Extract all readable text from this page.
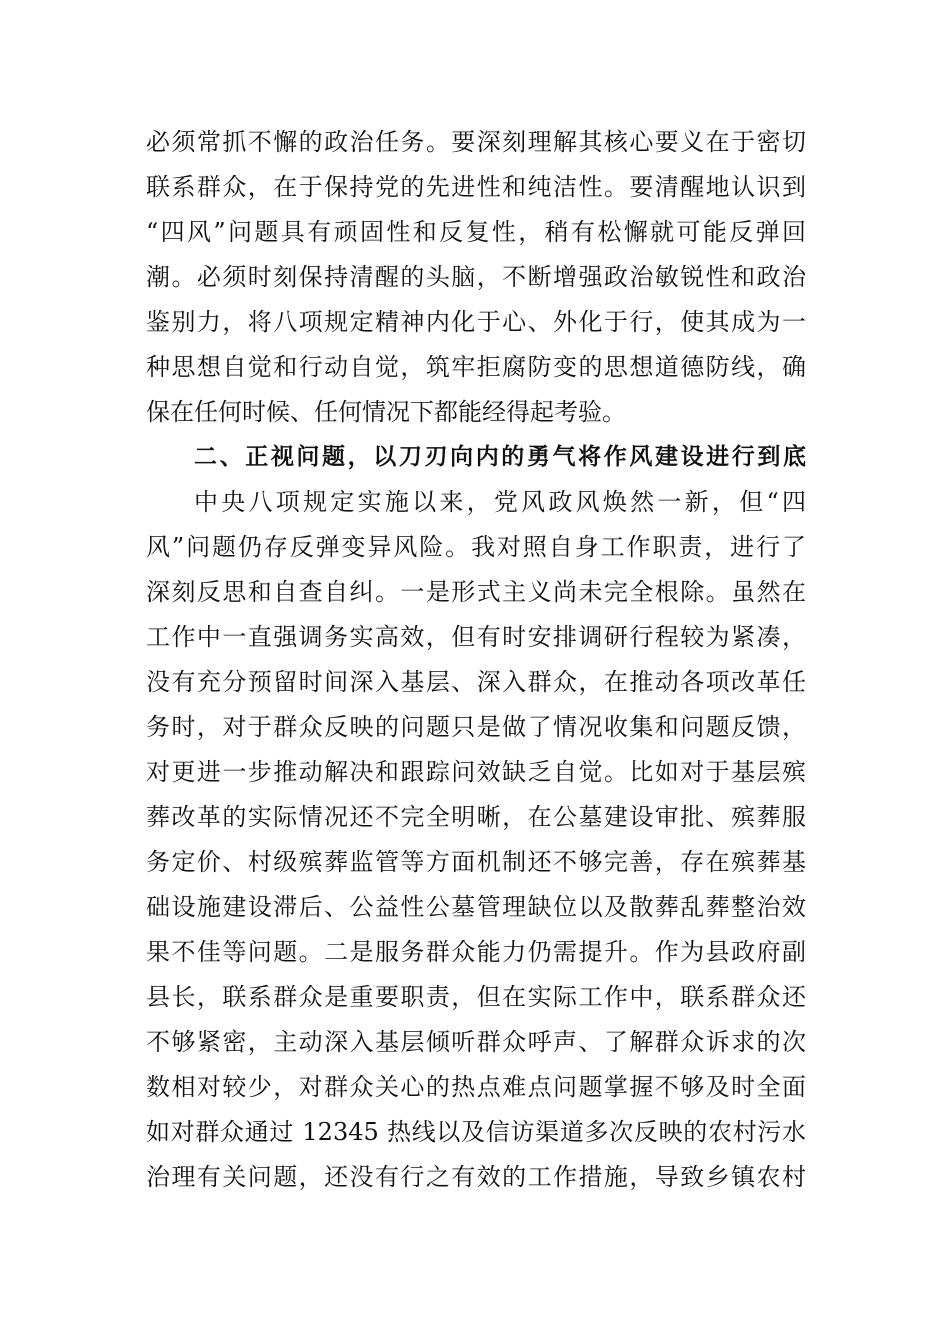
必须常抓不懈的政治任务。要深刻理解其核心要义在于密切
联系群众，在于保持党的先进性和纯洁性。要清醒地认识到
“四风”问题具有顽固性和反复性，稍有松懈就可能反弹回
潮。必须时刻保持清醒的头脑，不断增强政治敏锐性和政治
鉴别力，将八项规定精神内化于心、外化于行，使其成为一
种思想自觉和行动自觉，筑牢拒腐防变的思想道德防线，确
保在任何时候、任何情况下都能经得起考验。
二、正视问题，以刀刃向内的勇气将作风建设进行到底
中央八项规定实施以来，党风政风焕然一新，但“四
风”问题仍存反弹变异风险。我对照自身工作职责，进行了
深刻反思和自查自纠。一是形式主义尚未完全根除。虽然在
工作中一直强调务实高效，但有时安排调研行程较为紧凑，
没有充分预留时间深入基层、深入群众，在推动各项改革任
务时，对于群众反映的问题只是做了情况收集和问题反馈，
对更进一步推动解决和跟踪问效缺乏自觉。比如对于基层殡
葬改革的实际情况还不完全明晰，在公墓建设审批、殡葬服
务定价、村级殡葬监管等方面机制还不够完善，存在殡葬基
础设施建设滞后、公益性公墓管理缺位以及散葬乱葬整治效
果不佳等问题。二是服务群众能力仍需提升。作为县政府副
县长，联系群众是重要职责，但在实际工作中，联系群众还
不够紧密，主动深入基层倾听群众呼声、了解群众诉求的次
数相对较少，对群众关心的热点难点问题掌握不够及时全面
如对群众通过 12345 热线以及信访渠道多次反映的农村污水
治理有关问题，还没有行之有效的工作措施，导致乡镇农村
